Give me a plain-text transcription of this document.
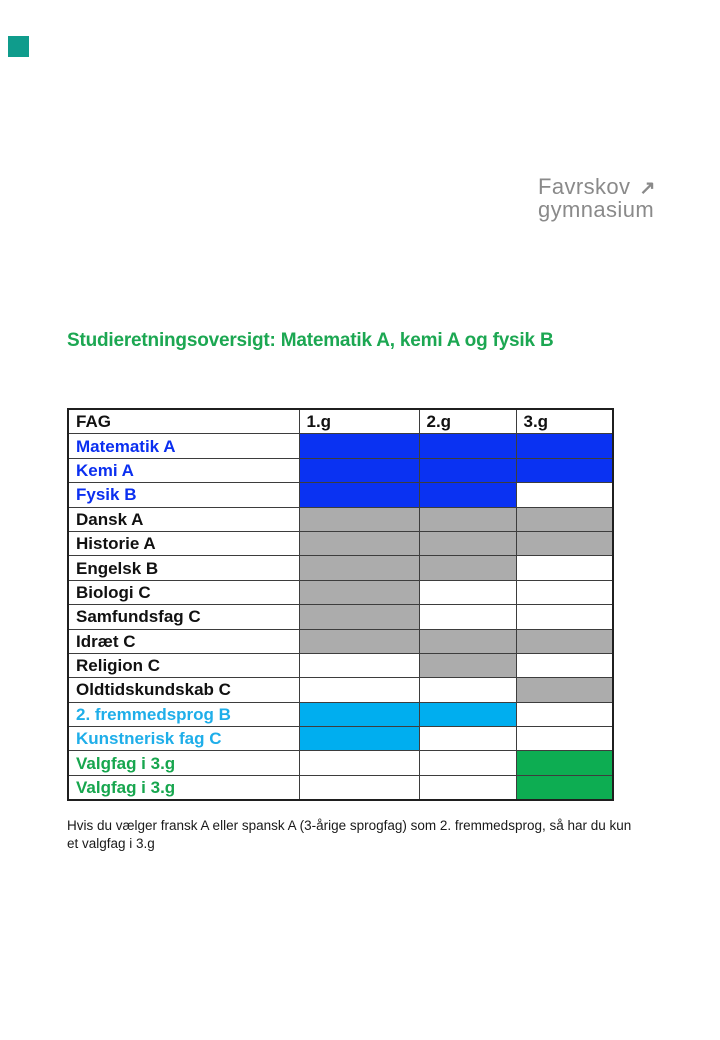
Favrskov ↗
gymnasium
Studieretningsoversigt: Matematik A, kemi A og fysik B
FAG	1.g	2.g	3.g
Matematik A			
Kemi A			
Fysik B			
Dansk A			
Historie A			
Engelsk B			
Biologi C			
Samfundsfag C			
Idræt C			
Religion C			
Oldtidskundskab C			
2. fremmedsprog B			
Kunstnerisk fag C			
Valgfag i 3.g			
Valgfag i 3.g			
Hvis du vælger fransk A eller spansk A (3-årige sprogfag) som 2. fremmedsprog, så har du kun
et valgfag i 3.g
